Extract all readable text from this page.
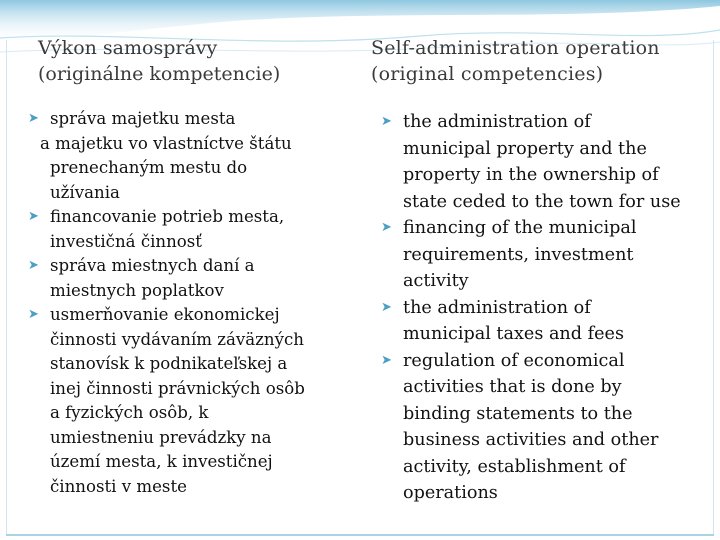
Výkon samosprávy
(originálne kompetencie)
➤ správa majetku mesta
a majetku vo vlastníctve štátu
prenechaným mestu do
užívania
➤ financovanie potrieb mesta,
investičná činnosť
➤ správa miestnych daní a
miestnych poplatkov
➤ usmerňovanie ekonomickej
činnosti vydávaním záväzných
stanovísk k podnikateľskej a
inej činnosti právnických osôb
a fyzických osôb, k
umiestneniu prevádzky na
území mesta, k investičnej
činnosti v meste
Self-administration operation
(original competencies)
➤ the administration of
municipal property and the
property in the ownership of
state ceded to the town for use
➤ financing of the municipal
requirements, investment
activity
➤ the administration of
municipal taxes and fees
➤ regulation of economical
activities that is done by
binding statements to the
business activities and other
activity, establishment of
operations
